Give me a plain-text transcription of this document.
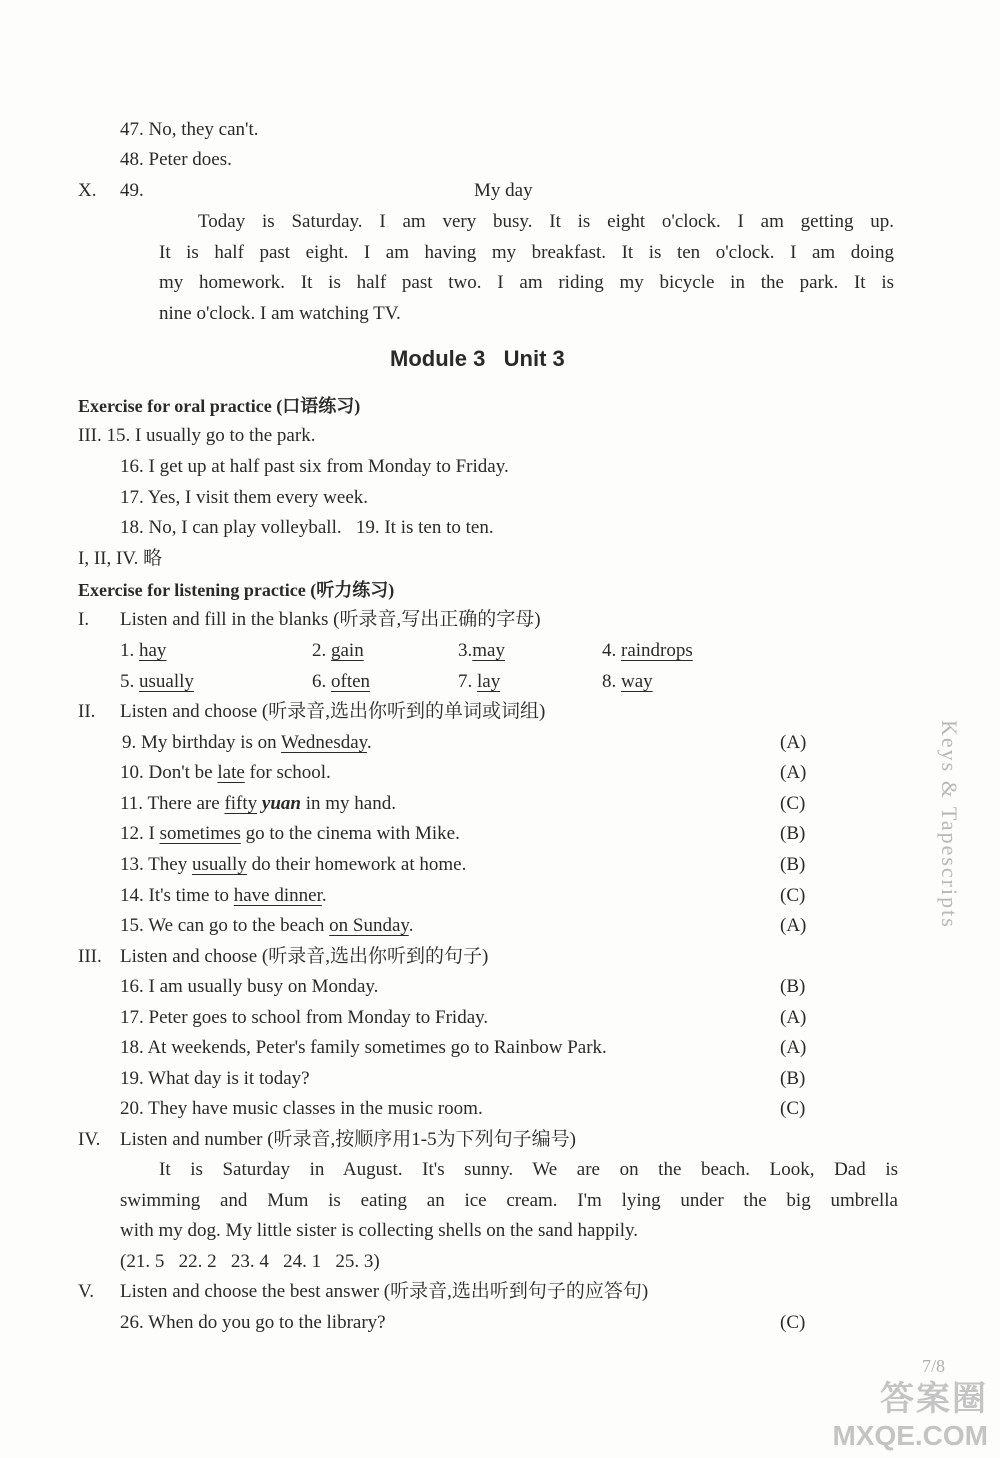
47. No, they can't.
48. Peter does.
X. 49.	My day
Today is Saturday. I am very busy. It is eight o'clock. I am getting up.
It is half past eight. I am having my breakfast. It is ten o'clock. I am doing
my homework. It is half past two. I am riding my bicycle in the park. It is
nine o'clock. I am watching TV.
Module 3   Unit 3
Exercise for oral practice (口语练习)
III. 15. I usually go to the park.
16. I get up at half past six from Monday to Friday.
17. Yes, I visit them every week.
18. No, I can play volleyball.   19. It is ten to ten.
I, II, IV. 略
Exercise for listening practice (听力练习)
I. Listen and fill in the blanks (听录音,写出正确的字母)
1. hay	2. gain	3.may	4. raindrops
5. usually	6. often	7. lay	8. way
II. Listen and choose (听录音,选出你听到的单词或词组)
9. My birthday is on Wednesday.	(A)
10. Don't be late for school.	(A)
11. There are fifty yuan in my hand.	(C)
12. I sometimes go to the cinema with Mike.	(B)
13. They usually do their homework at home.	(B)
14. It's time to have dinner.	(C)
15. We can go to the beach on Sunday.	(A)
III. Listen and choose (听录音,选出你听到的句子)
16. I am usually busy on Monday.	(B)
17. Peter goes to school from Monday to Friday.	(A)
18. At weekends, Peter's family sometimes go to Rainbow Park.	(A)
19. What day is it today?	(B)
20. They have music classes in the music room.	(C)
IV. Listen and number (听录音,按顺序用1-5为下列句子编号)
It is Saturday in August. It's sunny. We are on the beach. Look, Dad is
swimming and Mum is eating an ice cream. I'm lying under the big umbrella
with my dog. My little sister is collecting shells on the sand happily.
(21. 5   22. 2   23. 4   24. 1   25. 3)
V. Listen and choose the best answer (听录音,选出听到句子的应答句)
26. When do you go to the library?	(C)
Keys & Tapescripts
7/8
答案圈
MXQE.COM
